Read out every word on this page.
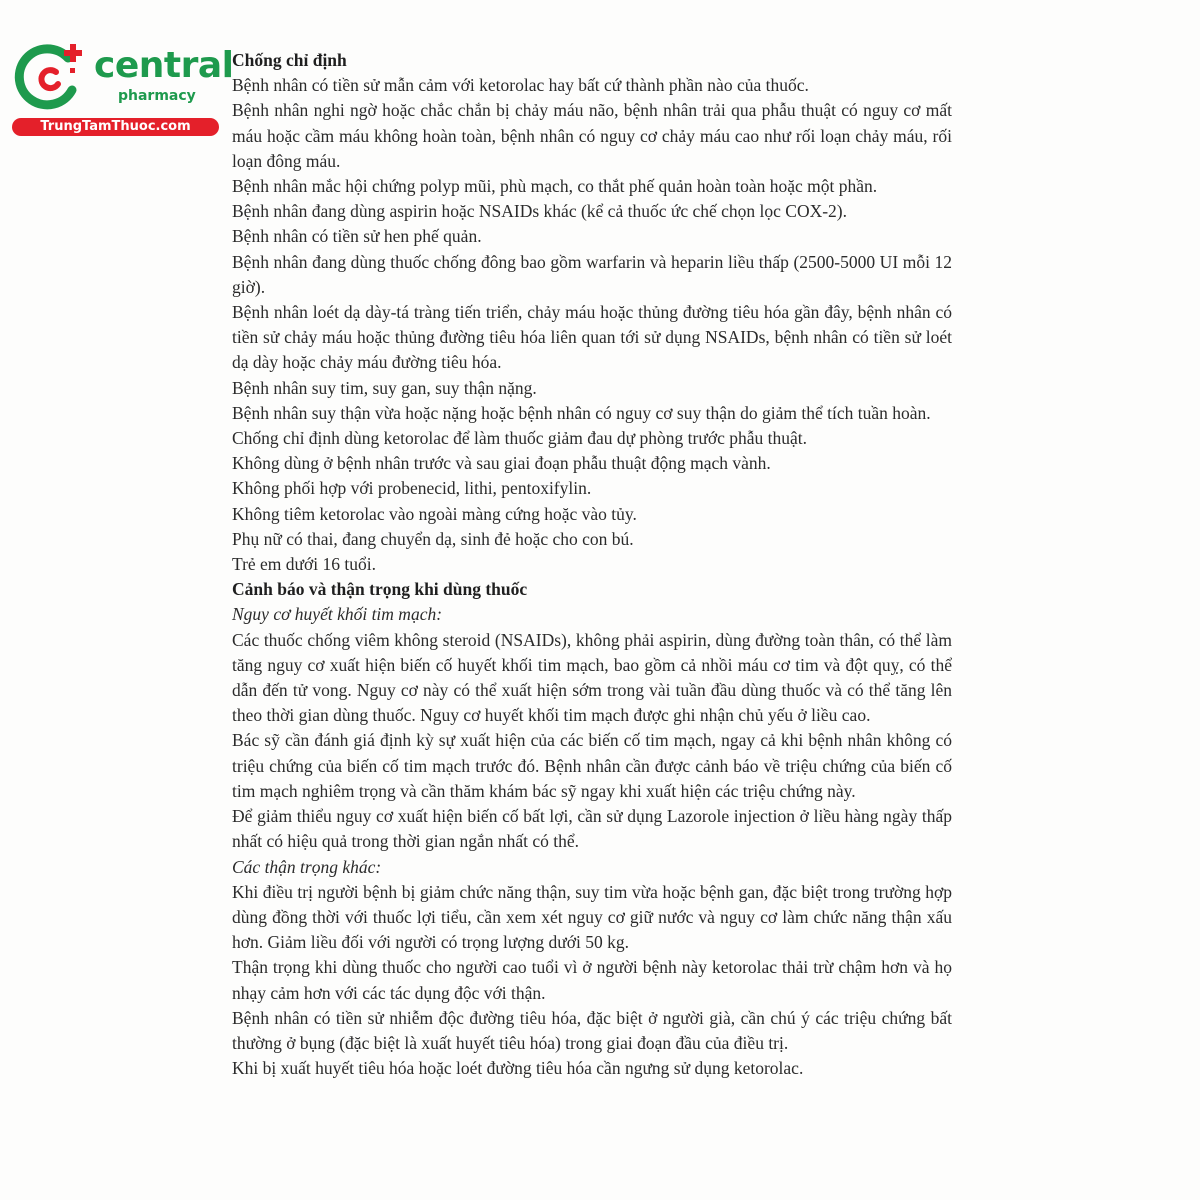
central
pharmacy
TrungTamThuoc.com

Chống chỉ định

Bệnh nhân có tiền sử mẫn cảm với ketorolac hay bất cứ thành phần nào của thuốc.

Bệnh nhân nghi ngờ hoặc chắc chắn bị chảy máu não, bệnh nhân trải qua phẫu thuật có nguy cơ mất máu hoặc cầm máu không hoàn toàn, bệnh nhân có nguy cơ chảy máu cao như rối loạn chảy máu, rối loạn đông máu.

Bệnh nhân mắc hội chứng polyp mũi, phù mạch, co thắt phế quản hoàn toàn hoặc một phần.

Bệnh nhân đang dùng aspirin hoặc NSAIDs khác (kể cả thuốc ức chế chọn lọc COX-2).

Bệnh nhân có tiền sử hen phế quản.

Bệnh nhân đang dùng thuốc chống đông bao gồm warfarin và heparin liều thấp (2500-5000 UI mỗi 12 giờ).

Bệnh nhân loét dạ dày-tá tràng tiến triển, chảy máu hoặc thủng đường tiêu hóa gần đây, bệnh nhân có tiền sử chảy máu hoặc thủng đường tiêu hóa liên quan tới sử dụng NSAIDs, bệnh nhân có tiền sử loét dạ dày hoặc chảy máu đường tiêu hóa.

Bệnh nhân suy tim, suy gan, suy thận nặng.

Bệnh nhân suy thận vừa hoặc nặng hoặc bệnh nhân có nguy cơ suy thận do giảm thể tích tuần hoàn.

Chống chỉ định dùng ketorolac để làm thuốc giảm đau dự phòng trước phẫu thuật.

Không dùng ở bệnh nhân trước và sau giai đoạn phẫu thuật động mạch vành.

Không phối hợp với probenecid, lithi, pentoxifylin.

Không tiêm ketorolac vào ngoài màng cứng hoặc vào tủy.

Phụ nữ có thai, đang chuyển dạ, sinh đẻ hoặc cho con bú.

Trẻ em dưới 16 tuổi.

Cảnh báo và thận trọng khi dùng thuốc

Nguy cơ huyết khối tim mạch:

Các thuốc chống viêm không steroid (NSAIDs), không phải aspirin, dùng đường toàn thân, có thể làm tăng nguy cơ xuất hiện biến cố huyết khối tim mạch, bao gồm cả nhồi máu cơ tim và đột quỵ, có thể dẫn đến tử vong. Nguy cơ này có thể xuất hiện sớm trong vài tuần đầu dùng thuốc và có thể tăng lên theo thời gian dùng thuốc. Nguy cơ huyết khối tim mạch được ghi nhận chủ yếu ở liều cao.

Bác sỹ cần đánh giá định kỳ sự xuất hiện của các biến cố tim mạch, ngay cả khi bệnh nhân không có triệu chứng của biến cố tim mạch trước đó. Bệnh nhân cần được cảnh báo về triệu chứng của biến cố tim mạch nghiêm trọng và cần thăm khám bác sỹ ngay khi xuất hiện các triệu chứng này.

Để giảm thiểu nguy cơ xuất hiện biến cố bất lợi, cần sử dụng Lazorole injection ở liều hàng ngày thấp nhất có hiệu quả trong thời gian ngắn nhất có thể.

Các thận trọng khác:

Khi điều trị người bệnh bị giảm chức năng thận, suy tim vừa hoặc bệnh gan, đặc biệt trong trường hợp dùng đồng thời với thuốc lợi tiểu, cần xem xét nguy cơ giữ nước và nguy cơ làm chức năng thận xấu hơn. Giảm liều đối với người có trọng lượng dưới 50 kg.

Thận trọng khi dùng thuốc cho người cao tuổi vì ở người bệnh này ketorolac thải trừ chậm hơn và họ nhạy cảm hơn với các tác dụng độc với thận.

Bệnh nhân có tiền sử nhiễm độc đường tiêu hóa, đặc biệt ở người già, cần chú ý các triệu chứng bất thường ở bụng (đặc biệt là xuất huyết tiêu hóa) trong giai đoạn đầu của điều trị.

Khi bị xuất huyết tiêu hóa hoặc loét đường tiêu hóa cần ngưng sử dụng ketorolac.
